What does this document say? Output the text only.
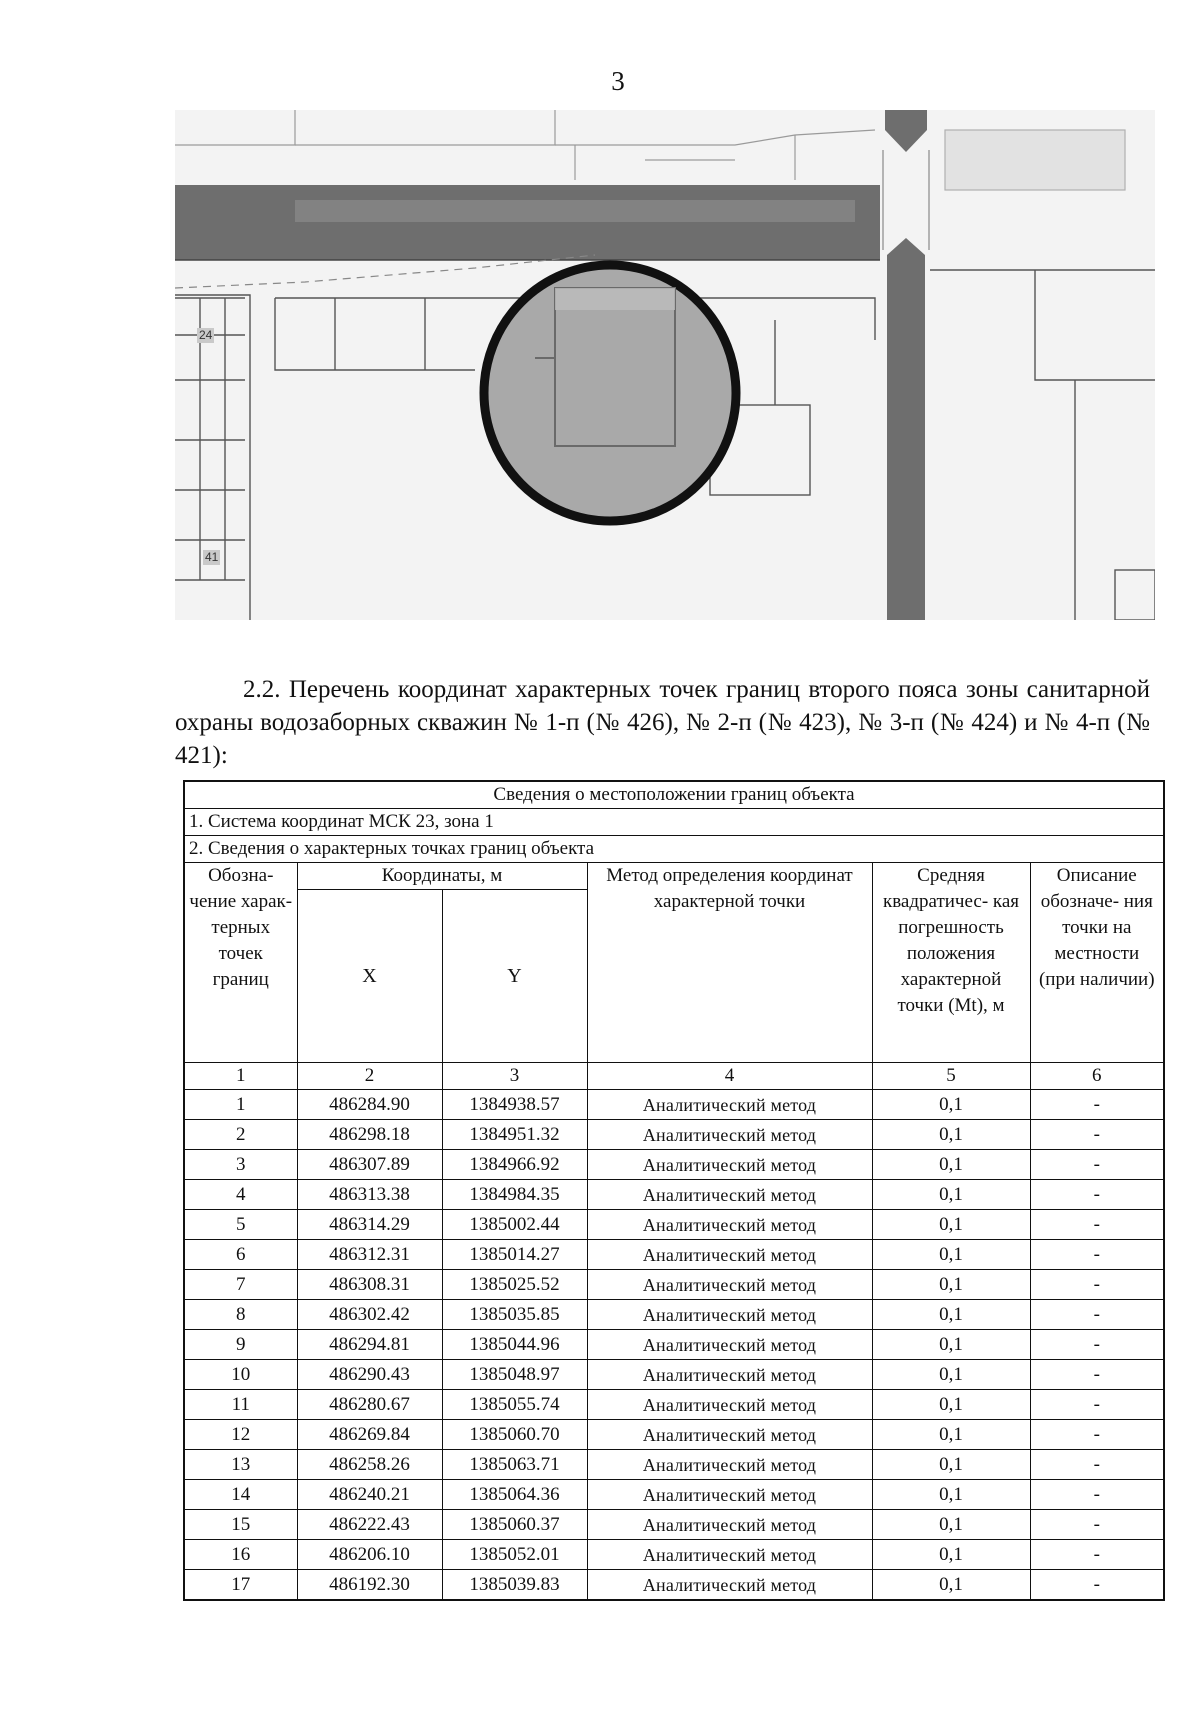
3
24
41

2.2. Перечень координат характерных точек границ второго пояса зоны санитарной охраны водозаборных скважин № 1-п (№ 426), № 2-п (№ 423), № 3-п (№ 424) и № 4-п (№ 421):

Сведения о местоположении границ объекта					
1. Система координат МСК 23, зона 1					
2. Сведения о характерных точках границ объекта					
Обозна- чение харак- терных точек границ	Координаты, м		Метод определения координат характерной точки	Средняя квадратичес- кая погрешность положения характерной точки (Mt), м	Описание обозначе- ния точки на местности (при наличии)
	X	Y			
1	2	3	4	5	6
1	486284.90	1384938.57	Аналитический метод	0,1	-
2	486298.18	1384951.32	Аналитический метод	0,1	-
3	486307.89	1384966.92	Аналитический метод	0,1	-
4	486313.38	1384984.35	Аналитический метод	0,1	-
5	486314.29	1385002.44	Аналитический метод	0,1	-
6	486312.31	1385014.27	Аналитический метод	0,1	-
7	486308.31	1385025.52	Аналитический метод	0,1	-
8	486302.42	1385035.85	Аналитический метод	0,1	-
9	486294.81	1385044.96	Аналитический метод	0,1	-
10	486290.43	1385048.97	Аналитический метод	0,1	-
11	486280.67	1385055.74	Аналитический метод	0,1	-
12	486269.84	1385060.70	Аналитический метод	0,1	-
13	486258.26	1385063.71	Аналитический метод	0,1	-
14	486240.21	1385064.36	Аналитический метод	0,1	-
15	486222.43	1385060.37	Аналитический метод	0,1	-
16	486206.10	1385052.01	Аналитический метод	0,1	-
17	486192.30	1385039.83	Аналитический метод	0,1	-
